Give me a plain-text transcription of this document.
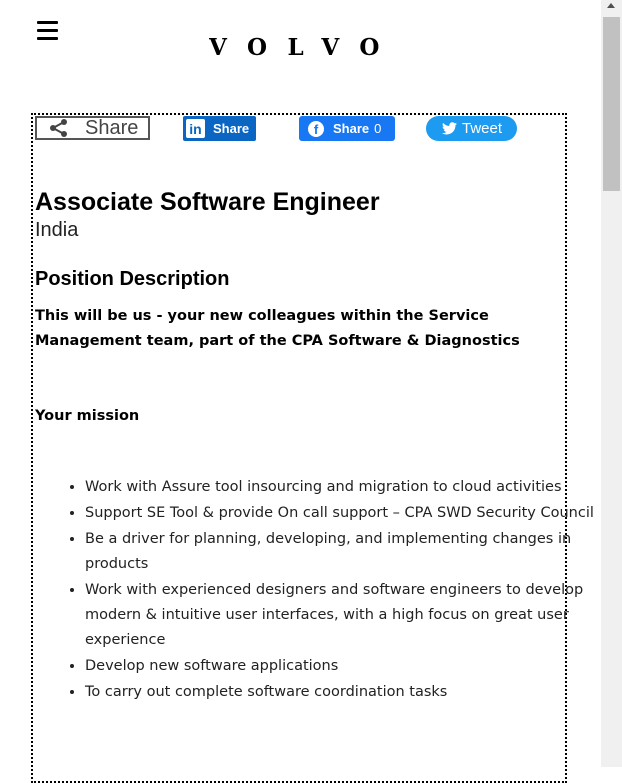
VOLVO
Share	in Share	f	Share 0	Tweet
Associate Software Engineer
India
Position Description
This will be us - your new colleagues within the Service Management team, part of the CPA Software & Diagnostics
Your mission
• Work with Assure tool insourcing and migration to cloud activities
• Support SE Tool & provide On call support – CPA SWD Security Council
• Be a driver for planning, developing, and implementing changes in products
• Work with experienced designers and software engineers to develop modern & intuitive user interfaces, with a high focus on great user experience
• Develop new software applications
• To carry out complete software coordination tasks
